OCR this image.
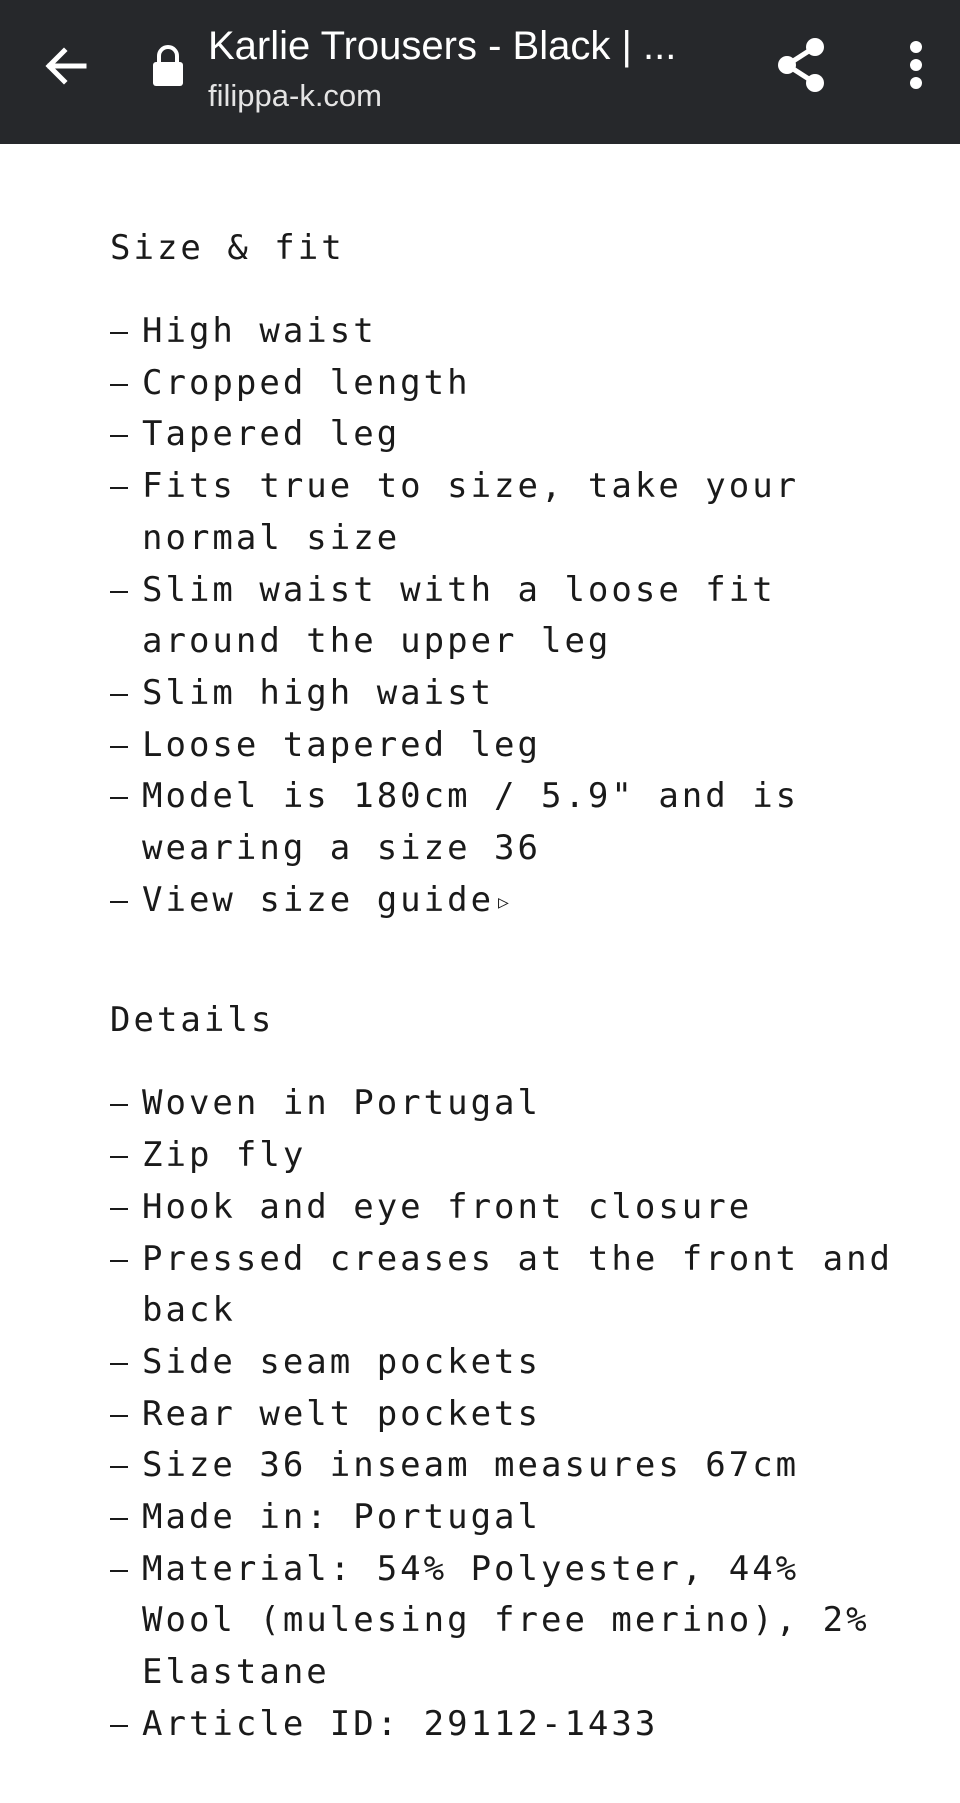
Karlie Trousers - Black | ...
filippa-k.com
Size & fit
High waist
Cropped length
Tapered leg
Fits true to size, take your
normal size
Slim waist with a loose fit
around the upper leg
Slim high waist
Loose tapered leg
Model is 180cm / 5.9" and is
wearing a size 36
View size guide ▷
Details
Woven in Portugal
Zip fly
Hook and eye front closure
Pressed creases at the front and
back
Side seam pockets
Rear welt pockets
Size 36 inseam measures 67cm
Made in: Portugal
Material: 54% Polyester, 44%
Wool (mulesing free merino), 2%
Elastane
Article ID: 29112-1433
